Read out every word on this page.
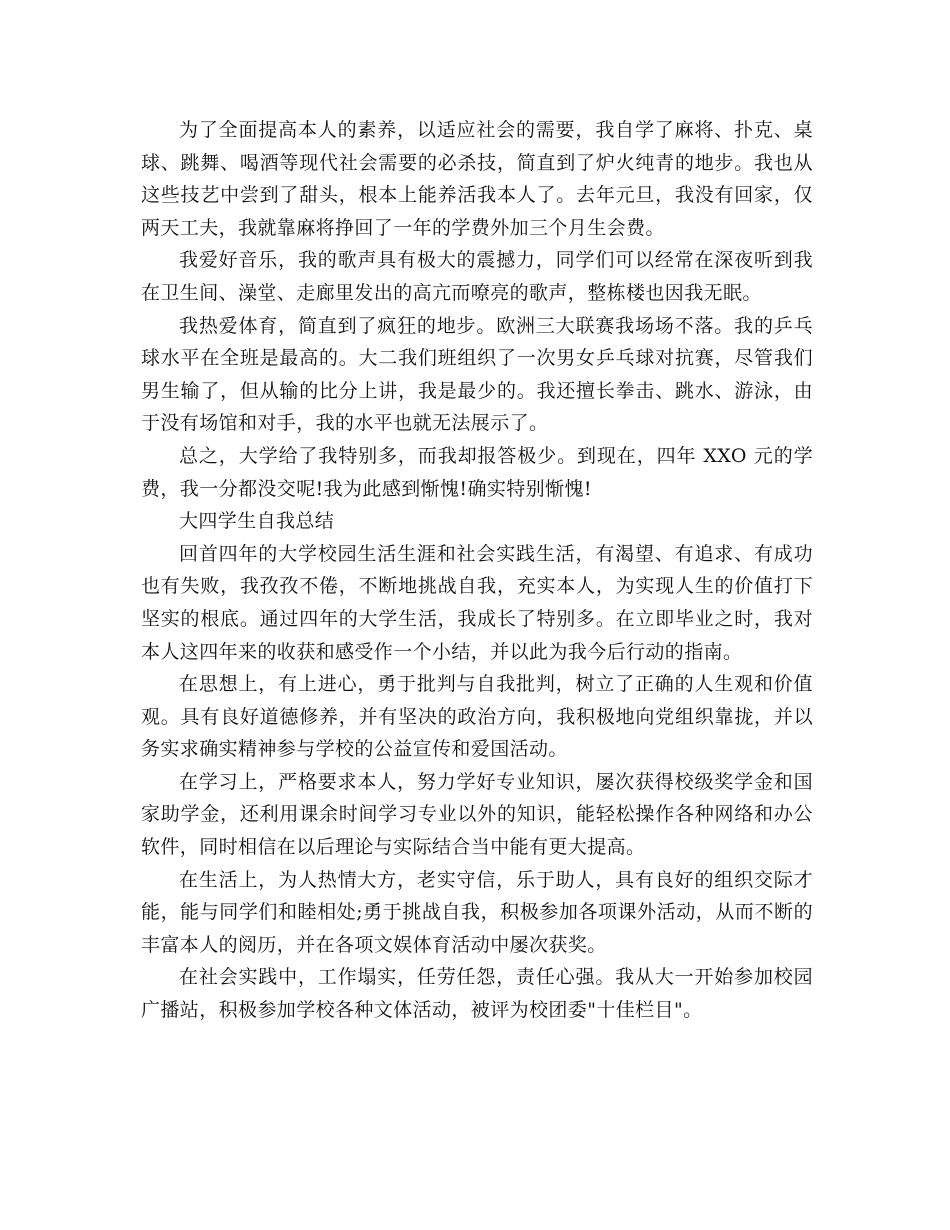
为了全面提高本人的素养，以适应社会的需要，我自学了麻将、扑克、桌球、跳舞、喝酒等现代社会需要的必杀技，简直到了炉火纯青的地步。我也从这些技艺中尝到了甜头，根本上能养活我本人了。去年元旦，我没有回家，仅两天工夫，我就靠麻将挣回了一年的学费外加三个月生会费。

我爱好音乐，我的歌声具有极大的震撼力，同学们可以经常在深夜听到我在卫生间、澡堂、走廊里发出的高亢而嘹亮的歌声，整栋楼也因我无眠。

我热爱体育，简直到了疯狂的地步。欧洲三大联赛我场场不落。我的乒乓球水平在全班是最高的。大二我们班组织了一次男女乒乓球对抗赛，尽管我们男生输了，但从输的比分上讲，我是最少的。我还擅长拳击、跳水、游泳，由于没有场馆和对手，我的水平也就无法展示了。

总之，大学给了我特别多，而我却报答极少。到现在，四年 XXO 元的学费，我一分都没交呢!我为此感到惭愧!确实特别惭愧!

大四学生自我总结

回首四年的大学校园生活生涯和社会实践生活，有渴望、有追求、有成功也有失败，我孜孜不倦，不断地挑战自我，充实本人，为实现人生的价值打下坚实的根底。通过四年的大学生活，我成长了特别多。在立即毕业之时，我对本人这四年来的收获和感受作一个小结，并以此为我今后行动的指南。

在思想上，有上进心，勇于批判与自我批判，树立了正确的人生观和价值观。具有良好道德修养，并有坚决的政治方向，我积极地向党组织靠拢，并以务实求确实精神参与学校的公益宣传和爱国活动。

在学习上，严格要求本人，努力学好专业知识，屡次获得校级奖学金和国家助学金，还利用课余时间学习专业以外的知识，能轻松操作各种网络和办公软件，同时相信在以后理论与实际结合当中能有更大提高。

在生活上，为人热情大方，老实守信，乐于助人，具有良好的组织交际才能，能与同学们和睦相处;勇于挑战自我，积极参加各项课外活动，从而不断的丰富本人的阅历，并在各项文娱体育活动中屡次获奖。

在社会实践中，工作塌实，任劳任怨，责任心强。我从大一开始参加校园广播站，积极参加学校各种文体活动，被评为校团委"十佳栏目"。
